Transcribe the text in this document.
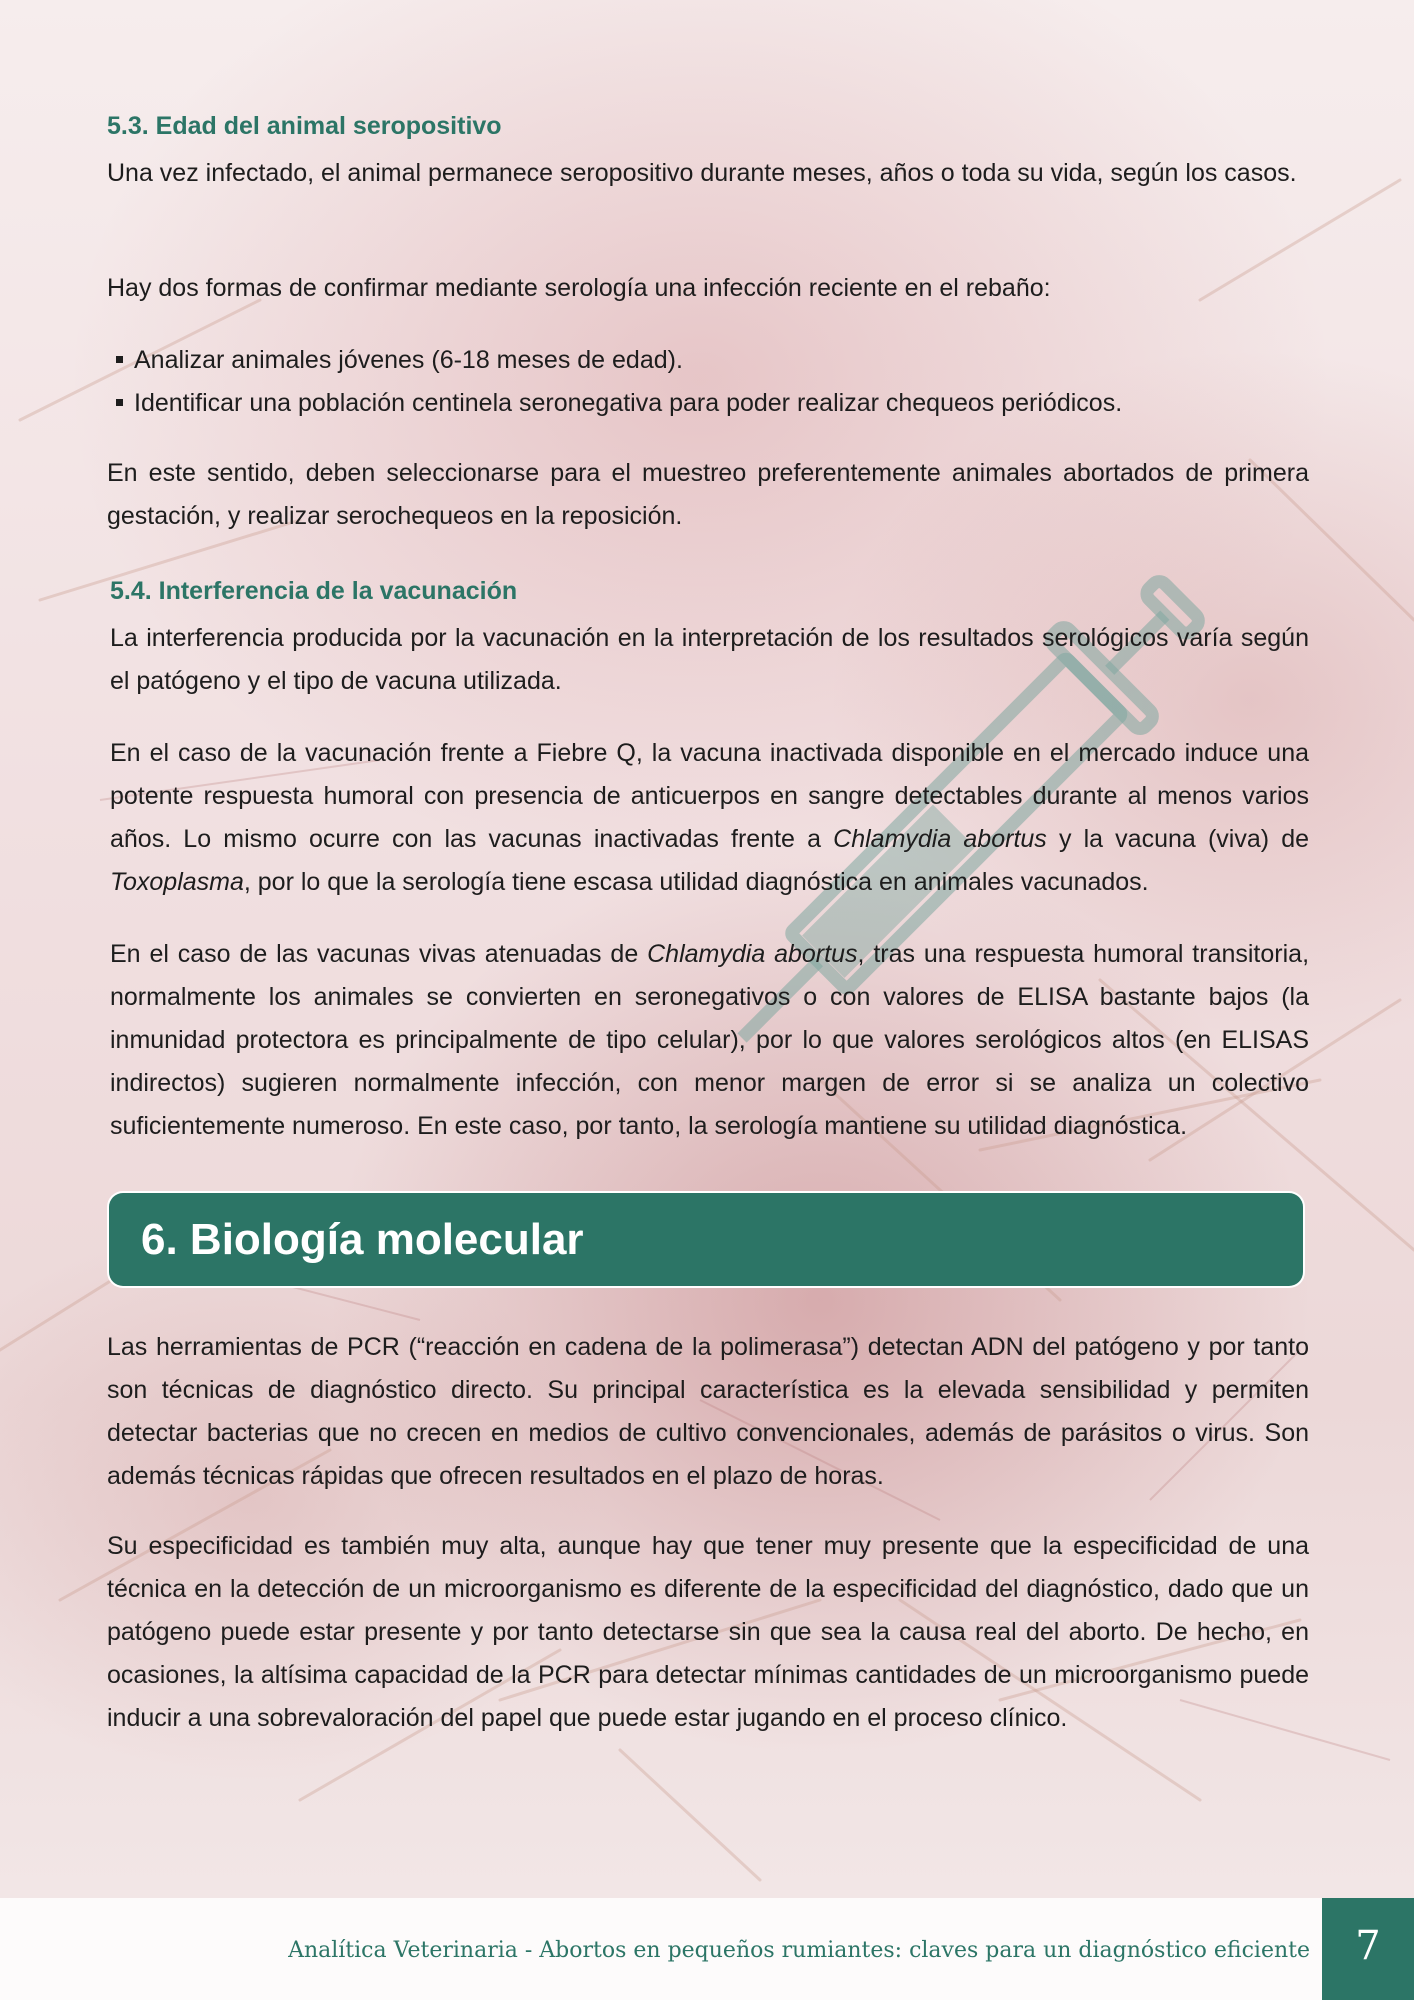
5.3. Edad del animal seropositivo

Una vez infectado, el animal permanece seropositivo durante meses, años o toda su vida, según los casos.

Hay dos formas de confirmar mediante serología una infección reciente en el rebaño:

Analizar animales jóvenes (6-18 meses de edad).
Identificar una población centinela seronegativa para poder realizar chequeos periódicos.

En este sentido, deben seleccionarse para el muestreo preferentemente animales abortados de primera gestación, y realizar serochequeos en la reposición.

5.4. Interferencia de la vacunación

La interferencia producida por la vacunación en la interpretación de los resultados serológicos varía según el patógeno y el tipo de vacuna utilizada.

En el caso de la vacunación frente a Fiebre Q, la vacuna inactivada disponible en el mercado induce una potente respuesta humoral con presencia de anticuerpos en sangre detectables durante al menos varios años. Lo mismo ocurre con las vacunas inactivadas frente a Chlamydia abortus y la vacuna (viva) de Toxoplasma, por lo que la serología tiene escasa utilidad diagnóstica en animales vacunados.

En el caso de las vacunas vivas atenuadas de Chlamydia abortus, tras una respuesta humoral transitoria, normalmente los animales se convierten en seronegativos o con valores de ELISA bastante bajos (la inmunidad protectora es principalmente de tipo celular), por lo que valores serológicos altos (en ELISAS indirectos) sugieren normalmente infección, con menor margen de error si se analiza un colectivo suficientemente numeroso. En este caso, por tanto, la serología mantiene su utilidad diagnóstica.

6. Biología molecular

Las herramientas de PCR (“reacción en cadena de la polimerasa”) detectan ADN del patógeno y por tanto son técnicas de diagnóstico directo. Su principal característica es la elevada sensibilidad y permiten detectar bacterias que no crecen en medios de cultivo convencionales, además de parásitos o virus. Son además técnicas rápidas que ofrecen resultados en el plazo de horas.

Su especificidad es también muy alta, aunque hay que tener muy presente que la especificidad de una técnica en la detección de un microorganismo es diferente de la especificidad del diagnóstico, dado que un patógeno puede estar presente y por tanto detectarse sin que sea la causa real del aborto. De hecho, en ocasiones, la altísima capacidad de la PCR para detectar mínimas cantidades de un microorganismo puede inducir a una sobrevaloración del papel que puede estar jugando en el proceso clínico.

Analítica Veterinaria - Abortos en pequeños rumiantes: claves para un diagnóstico eficiente	7
